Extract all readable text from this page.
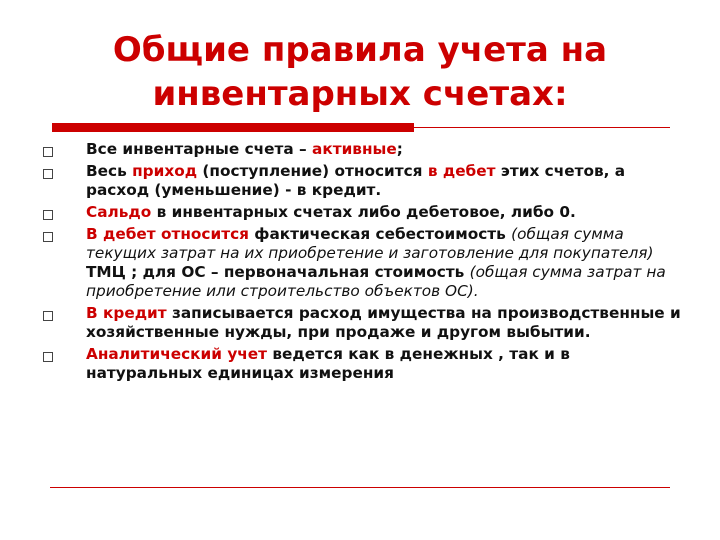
Общие правила учета на
инвентарных счетах:
Все инвентарные счета – активные;
Весь приход (поступление) относится в дебет этих счетов, а расход (уменьшение) - в кредит.
Сальдо в инвентарных счетах либо дебетовое, либо 0.
В дебет относится фактическая себестоимость (общая сумма текущих затрат на их приобретение и заготовление для покупателя) ТМЦ ; для ОС – первоначальная стоимость (общая сумма затрат на приобретение или строительство объектов ОС).
В кредит записывается расход имущества на производственные и хозяйственные нужды, при продаже и другом выбытии.
Аналитический учет ведется как в денежных , так и в натуральных единицах измерения
